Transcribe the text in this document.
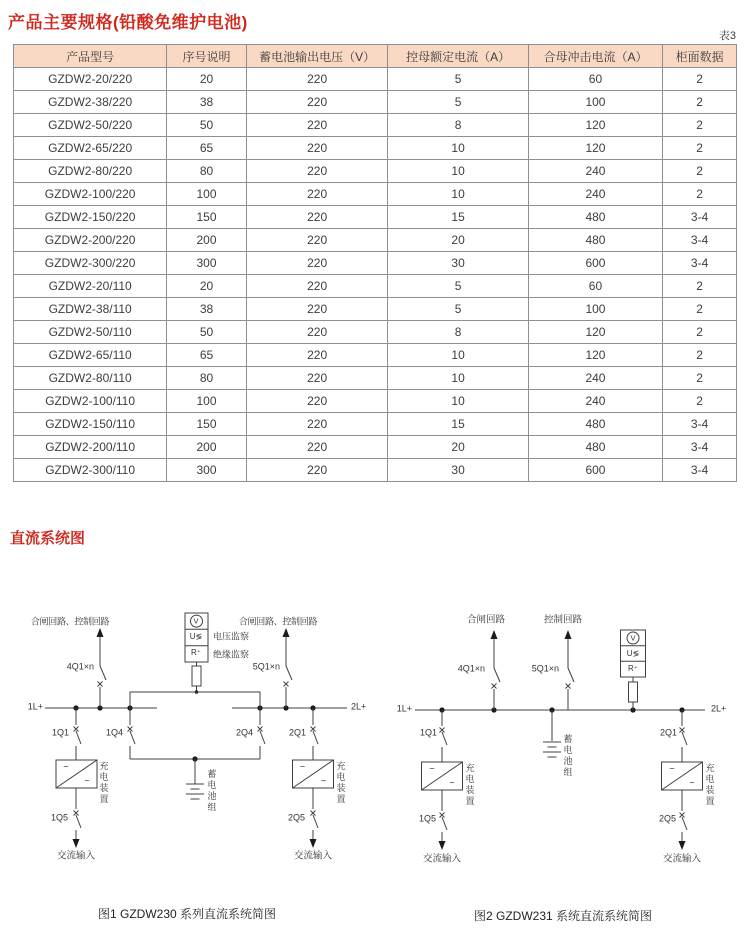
产品主要规格(铅酸免维护电池)
表3
产品型号	序号说明	蓄电池输出电压（V）	控母额定电流（A）	合母冲击电流（A）	柜面数据
GZDW2-20/220	20	220	5	60	2
GZDW2-38/220	38	220	5	100	2
GZDW2-50/220	50	220	8	120	2
GZDW2-65/220	65	220	10	120	2
GZDW2-80/220	80	220	10	240	2
GZDW2-100/220	100	220	10	240	2
GZDW2-150/220	150	220	15	480	3-4
GZDW2-200/220	200	220	20	480	3-4
GZDW2-300/220	300	220	30	600	3-4
GZDW2-20/110	20	220	5	60	2
GZDW2-38/110	38	220	5	100	2
GZDW2-50/110	50	220	8	120	2
GZDW2-65/110	65	220	10	120	2
GZDW2-80/110	80	220	10	240	2
GZDW2-100/110	100	220	10	240	2
GZDW2-150/110	150	220	15	480	3-4
GZDW2-200/110	200	220	20	480	3-4
GZDW2-300/110	300	220	30	600	3-4
直流系统图
合闸回路、控制回路	合闸回路、控制回路
V
U≶
R⁺
电压监察
绝缘监察
4Q1×n	5Q1×n
1L+	2L+
1Q1	1Q4	2Q4	2Q1
−
~
−
~
充电装置	充电装置
蓄电池组
1Q5	2Q5
交流输入	交流输入
图1 GZDW230 系列直流系统简图
合闸回路	控制回路
V
U≶
R⁺
4Q1×n	5Q1×n
1L+	2L+
1Q1	2Q1
蓄电池组
−
~
−
~
充电装置	充电装置
1Q5	2Q5
交流输入	交流输入
图2 GZDW231 系统直流系统简图
